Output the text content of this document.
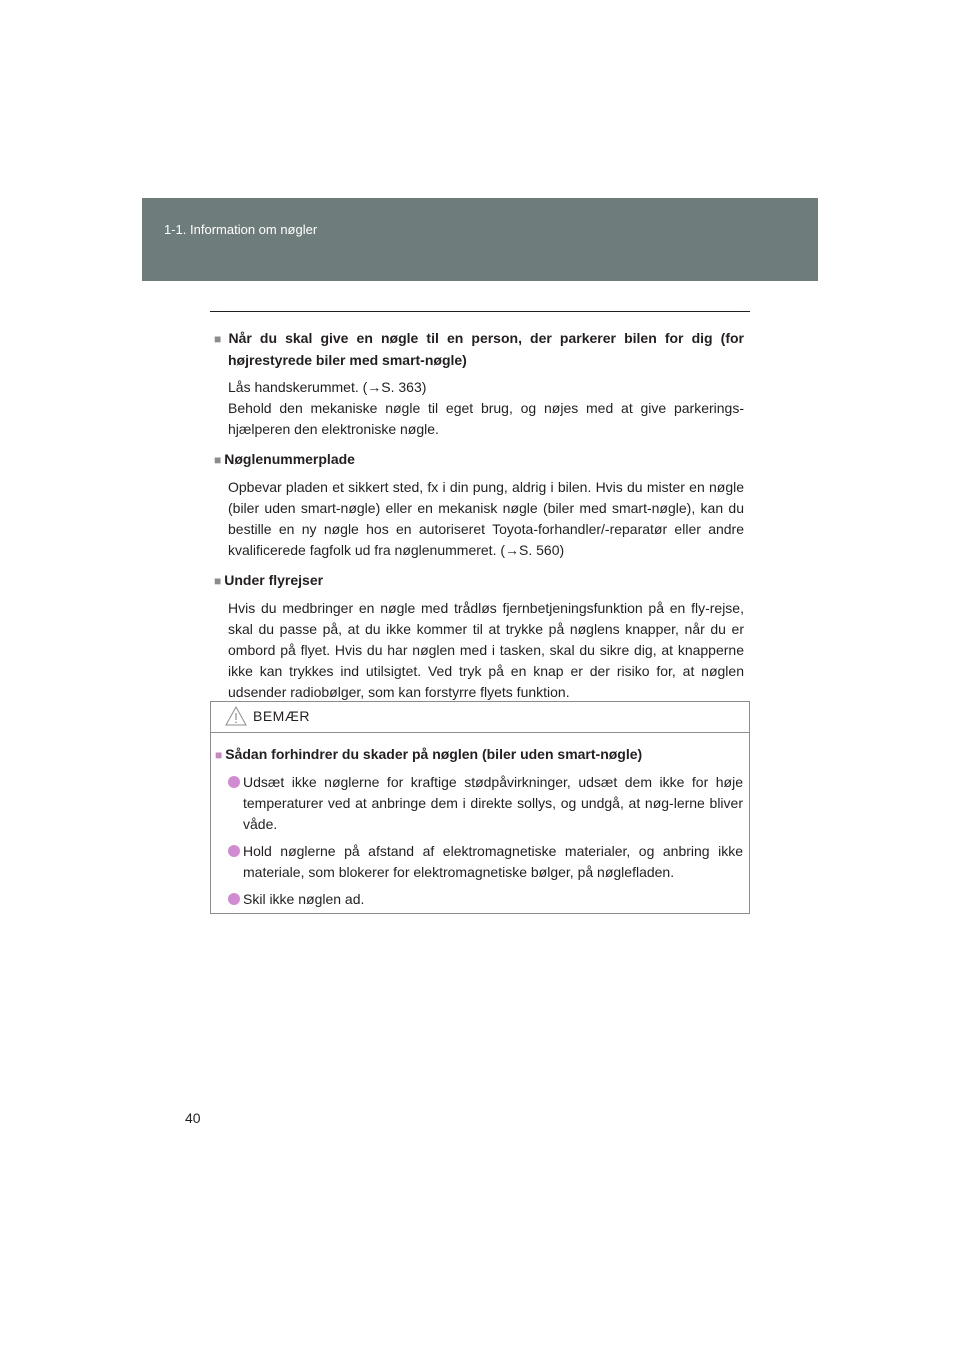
1-1. Information om nøgler
■ Når du skal give en nøgle til en person, der parkerer bilen for dig (for højrestyrede biler med smart-nøgle)

Lås handskerummet. (→S. 363)

Behold den mekaniske nøgle til eget brug, og nøjes med at give parkerings-hjælperen den elektroniske nøgle.

■ Nøglenummerplade

Opbevar pladen et sikkert sted, fx i din pung, aldrig i bilen. Hvis du mister en nøgle (biler uden smart-nøgle) eller en mekanisk nøgle (biler med smart-nøgle), kan du bestille en ny nøgle hos en autoriseret Toyota-forhandler/-reparatør eller andre kvalificerede fagfolk ud fra nøglenummeret. (→S. 560)

■ Under flyrejser

Hvis du medbringer en nøgle med trådløs fjernbetjeningsfunktion på en fly-rejse, skal du passe på, at du ikke kommer til at trykke på nøglens knapper, når du er ombord på flyet. Hvis du har nøglen med i tasken, skal du sikre dig, at knapperne ikke kan trykkes ind utilsigtet. Ved tryk på en knap er der risiko for, at nøglen udsender radiobølger, som kan forstyrre flyets funktion.

BEMÆR
■ Sådan forhindrer du skader på nøglen (biler uden smart-nøgle)
Udsæt ikke nøglerne for kraftige stødpåvirkninger, udsæt dem ikke for høje temperaturer ved at anbringe dem i direkte sollys, og undgå, at nøg-lerne bliver våde.
Hold nøglerne på afstand af elektromagnetiske materialer, og anbring ikke materiale, som blokerer for elektromagnetiske bølger, på nøglefladen.
Skil ikke nøglen ad.
40
